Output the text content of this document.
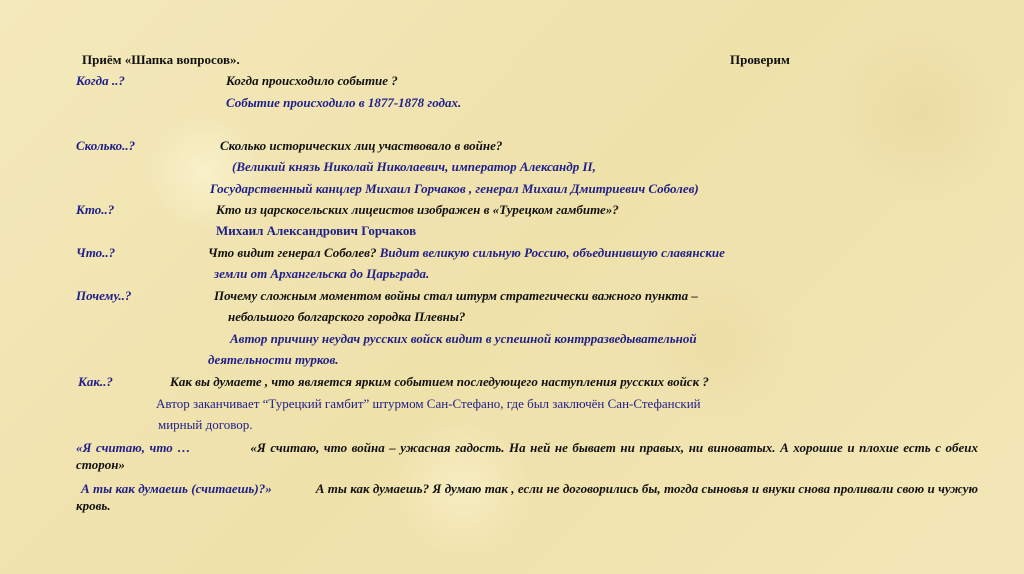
Приём «Шапка вопросов».	Проверим
Когда ..?	Когда происходило событие ?
Событие происходило в 1877-1878 годах.
Сколько..?	Сколько исторических лиц участвовало в войне?
(Великий князь Николай Николаевич, император Александр II,
Государственный канцлер Михаил Горчаков , генерал Михаил Дмитриевич Соболев)
Кто..?	Кто из царскосельских лицеистов изображен в «Турецком гамбите»?
Михаил Александрович Горчаков
Что..?	Что видит генерал Соболев? Видит великую сильную Россию, объединившую славянские
земли от Архангельска до Царьграда.
Почему..?	Почему сложным моментом войны стал штурм стратегически важного пункта –
небольшого болгарского городка Плевны?
Автор причину неудач русских войск видит в успешной контрразведывательной
деятельности турков.
Как..?	Как вы думаете , что является ярким событием последующего наступления русских войск ?
Автор заканчивает “Турецкий гамбит” штурмом Сан-Стефано, где был заключён Сан-Стефанский
мирный договор.
«Я считаю, что …	«Я считаю, что война – ужасная гадость. На ней не бывает ни правых, ни виноватых. А хорошие и плохие есть с обеих сторон»
А ты как думаешь (считаешь)?»	А ты как думаешь? Я думаю так , если не договорились бы, тогда сыновья и внуки снова проливали свою и чужую кровь.
